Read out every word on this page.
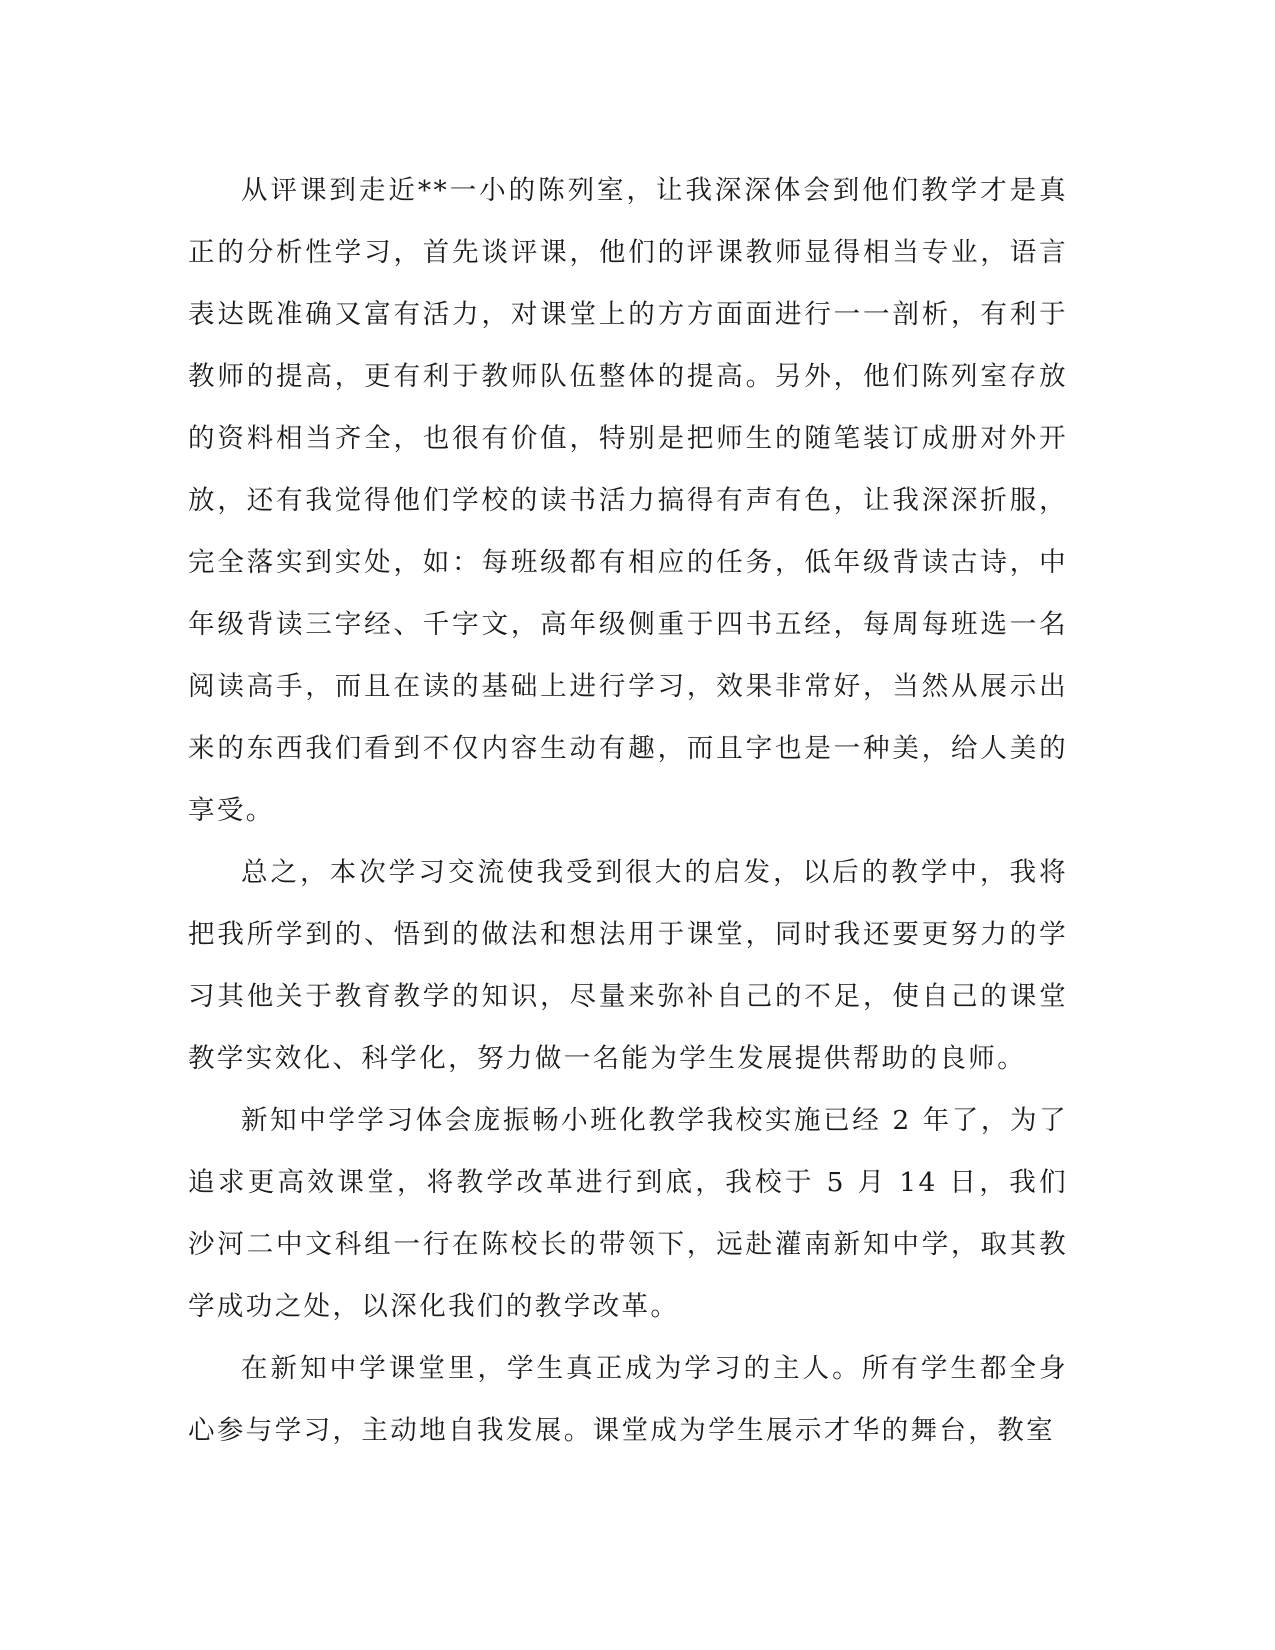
从评课到走近**一小的陈列室，让我深深体会到他们教学才是真正的分析性学习，首先谈评课，他们的评课教师显得相当专业，语言表达既准确又富有活力，对课堂上的方方面面进行一一剖析，有利于教师的提高，更有利于教师队伍整体的提高。另外，他们陈列室存放的资料相当齐全，也很有价值，特别是把师生的随笔装订成册对外开放，还有我觉得他们学校的读书活力搞得有声有色，让我深深折服，完全落实到实处，如：每班级都有相应的任务，低年级背读古诗，中年级背读三字经、千字文，高年级侧重于四书五经，每周每班选一名阅读高手，而且在读的基础上进行学习，效果非常好，当然从展示出来的东西我们看到不仅内容生动有趣，而且字也是一种美，给人美的享受。

总之，本次学习交流使我受到很大的启发，以后的教学中，我将把我所学到的、悟到的做法和想法用于课堂，同时我还要更努力的学习其他关于教育教学的知识，尽量来弥补自己的不足，使自己的课堂教学实效化、科学化，努力做一名能为学生发展提供帮助的良师。

新知中学学习体会庞振畅小班化教学我校实施已经 2 年了，为了追求更高效课堂，将教学改革进行到底，我校于 5 月 14 日，我们沙河二中文科组一行在陈校长的带领下，远赴灌南新知中学，取其教学成功之处，以深化我们的教学改革。

在新知中学课堂里，学生真正成为学习的主人。所有学生都全身心参与学习，主动地自我发展。课堂成为学生展示才华的舞台，教室
